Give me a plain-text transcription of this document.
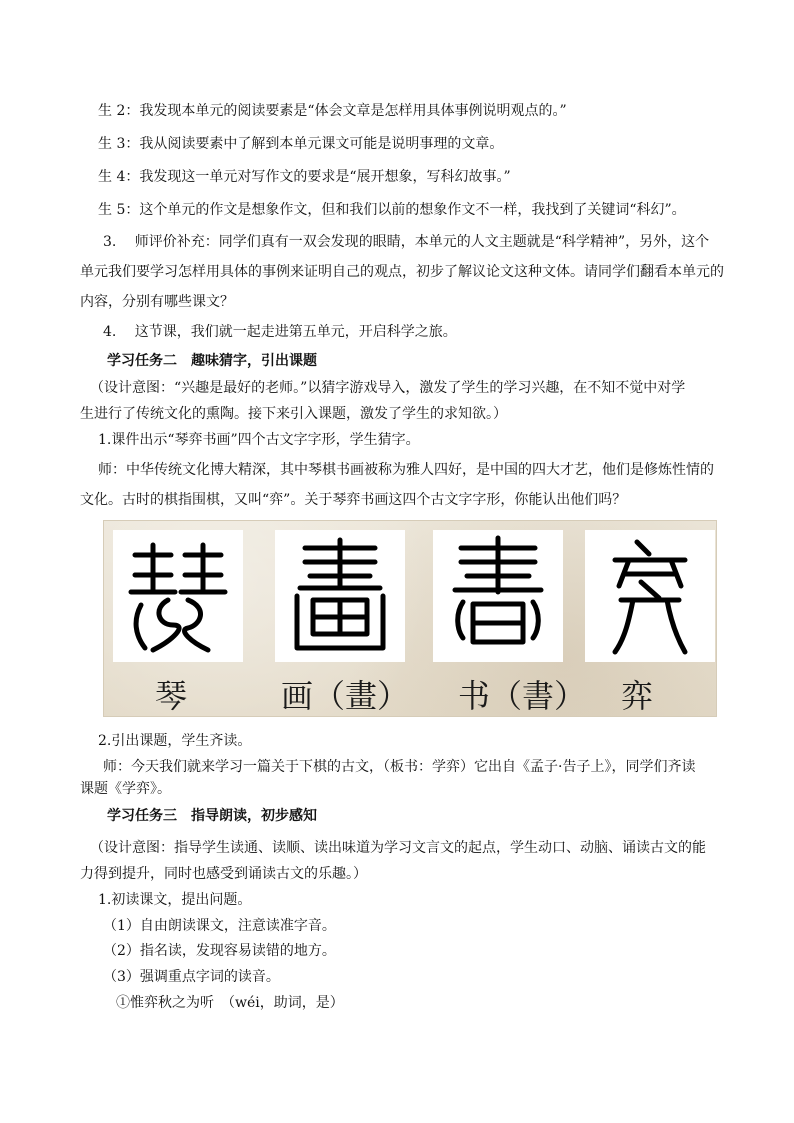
生 2：我发现本单元的阅读要素是“体会文章是怎样用具体事例说明观点的。”
生 3：我从阅读要素中了解到本单元课文可能是说明事理的文章。
生 4：我发现这一单元对写作文的要求是“展开想象，写科幻故事。”
生 5：这个单元的作文是想象作文，但和我们以前的想象作文不一样，我找到了关键词“科幻”。
3.　 师评价补充：同学们真有一双会发现的眼睛，本单元的人文主题就是“科学精神”，另外，这个
单元我们要学习怎样用具体的事例来证明自己的观点，初步了解议论文这种文体。请同学们翻看本单元的
内容，分别有哪些课文？
4.　 这节课，我们就一起走进第五单元，开启科学之旅。
学习任务二　趣味猜字，引出课题
（设计意图：“兴趣是最好的老师。”以猜字游戏导入，激发了学生的学习兴趣，在不知不觉中对学
生进行了传统文化的熏陶。接下来引入课题，激发了学生的求知欲。）
1.课件出示“琴弈书画”四个古文字字形，学生猜字。
师：中华传统文化博大精深，其中琴棋书画被称为雅人四好，是中国的四大才艺，他们是修炼性情的
文化。古时的棋指围棋，又叫“弈”。关于琴弈书画这四个古文字字形，你能认出他们吗？
琴	画（畫） 书（書） 弈
2.引出课题，学生齐读。
师：今天我们就来学习一篇关于下棋的古文，（板书：学弈）它出自《孟子·告子上》，同学们齐读
课题《学弈》。
学习任务三　指导朗读，初步感知
（设计意图：指导学生读通、读顺、读出味道为学习文言文的起点，学生动口、动脑、诵读古文的能
力得到提升，同时也感受到诵读古文的乐趣。）
1.初读课文，提出问题。
（1）自由朗读课文，注意读准字音。
（2）指名读，发现容易读错的地方。
（3）强调重点字词的读音。
①惟弈秋之为听　（wéi，助词，是）
